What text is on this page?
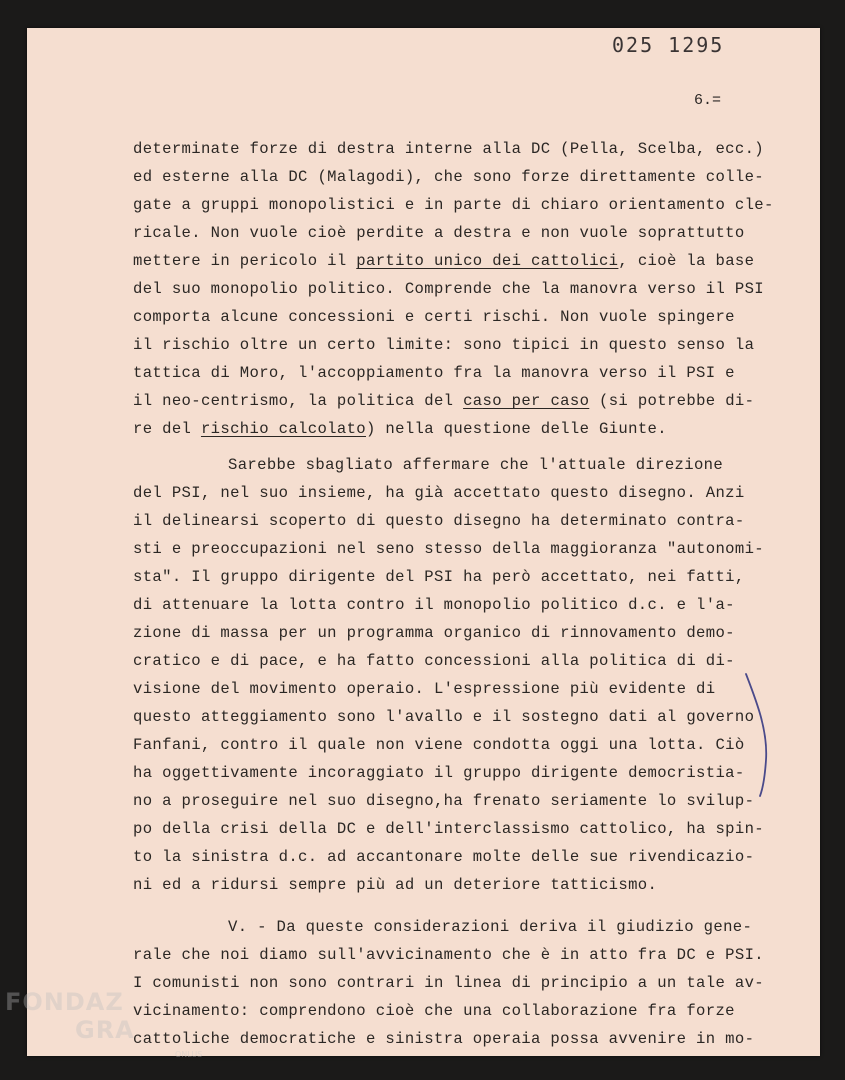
025 1295
6.=
determinate forze di destra interne alla DC (Pella, Scelba, ecc.)
ed esterne alla DC (Malagodi), che sono forze direttamente colle-
gate a gruppi monopolistici e in parte di chiaro orientamento cle-
ricale. Non vuole cioè perdite a destra e non vuole soprattutto
mettere in pericolo il partito unico dei cattolici, cioè la base
del suo monopolio politico. Comprende che la manovra verso il PSI
comporta alcune concessioni e certi rischi. Non vuole spingere
il rischio oltre un certo limite: sono tipici in questo senso la
tattica di Moro, l'accoppiamento fra la manovra verso il PSI e
il neo-centrismo, la politica del caso per caso (si potrebbe di-
re del rischio calcolato) nella questione delle Giunte.
Sarebbe sbagliato affermare che l'attuale direzione
del PSI, nel suo insieme, ha già accettato questo disegno. Anzi
il delinearsi scoperto di questo disegno ha determinato contra-
sti e preoccupazioni nel seno stesso della maggioranza "autonomi-
sta". Il gruppo dirigente del PSI ha però accettato, nei fatti,
di attenuare la lotta contro il monopolio politico d.c. e l'a-
zione di massa per un programma organico di rinnovamento demo-
cratico e di pace, e ha fatto concessioni alla politica di di-
visione del movimento operaio. L'espressione più evidente di
questo atteggiamento sono l'avallo e il sostegno dati al governo
Fanfani, contro il quale non viene condotta oggi una lotta. Ciò
ha oggettivamente incoraggiato il gruppo dirigente democristia-
no a proseguire nel suo disegno,ha frenato seriamente lo svilup-
po della crisi della DC e dell'interclassismo cattolico, ha spin-
to la sinistra d.c. ad accantonare molte delle sue rivendicazio-
ni ed a ridursi sempre più ad un deteriore tatticismo.
V. - Da queste considerazioni deriva il giudizio gene-
rale che noi diamo sull'avvicinamento che è in atto fra DC e PSI.
I comunisti non sono contrari in linea di principio a un tale av-
vicinamento: comprendono cioè che una collaborazione fra forze
cattoliche democratiche e sinistra operaia possa avvenire in mo-
FONDAZ
GRA
ONLUS
